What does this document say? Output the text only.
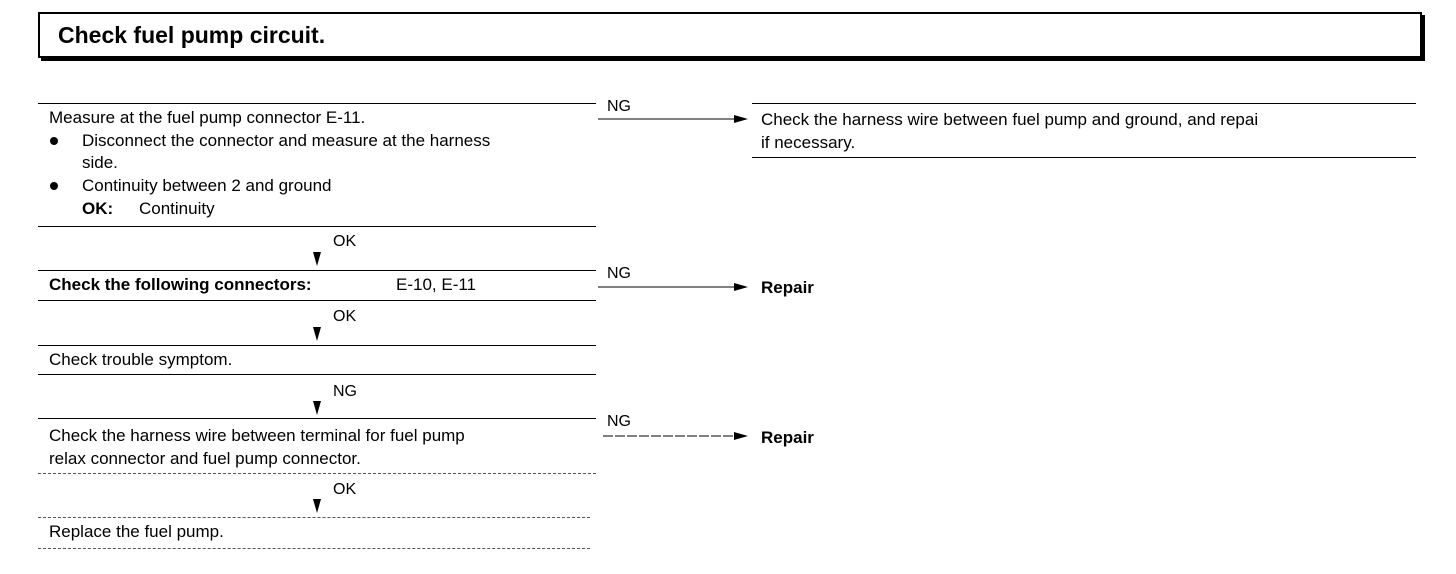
Check fuel pump circuit.
Measure at the fuel pump connector E-11.
Disconnect the connector and measure at the harness
side.
Continuity between 2 and ground
OK: Continuity
NG
Check the harness wire between fuel pump and ground, and repai
if necessary.
OK
Check the following connectors:	E-10, E-11
NG
Repair
OK
Check trouble symptom.
NG
Check the harness wire between terminal for fuel pump
relax connector and fuel pump connector.
NG
Repair
OK
Replace the fuel pump.
